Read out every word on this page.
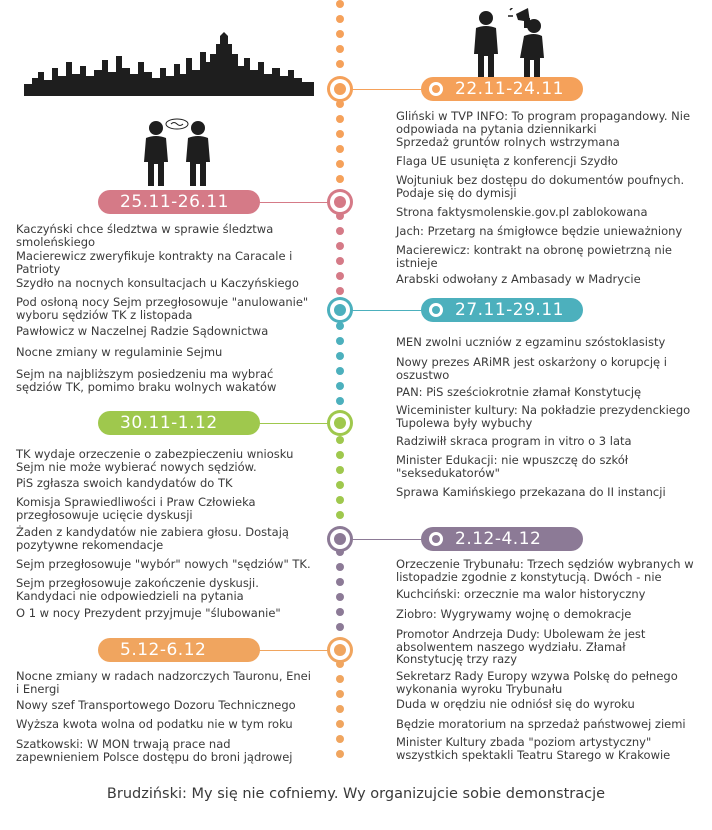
22.11-24.11
Gliński w TVP INFO: To program propagandowy. Nie odpowiada na pytania dziennikarki
Sprzedaż gruntów rolnych wstrzymana
Flaga UE usunięta z konferencji Szydło
Wojtuniuk bez dostępu do dokumentów poufnych. Podaje się do dymisji
Strona faktysmolenskie.gov.pl zablokowana
Jach: Przetarg na śmigłowce będzie unieważniony
Macierewicz: kontrakt na obronę powietrzną nie istnieje
Arabski odwołany z Ambasady w Madrycie
25.11-26.11
Kaczyński chce śledztwa w sprawie śledztwa smoleńskiego
Macierewicz zweryfikuje kontrakty na Caracale i Patrioty
Szydło na nocnych konsultacjach u Kaczyńskiego
Pod osłoną nocy Sejm przegłosowuje "anulowanie" wyboru sędziów TK z listopada
Pawłowicz w Naczelnej Radzie Sądownictwa
Nocne zmiany w regulaminie Sejmu
Sejm na najbliższym posiedzeniu ma wybrać sędziów TK, pomimo braku wolnych wakatów
27.11-29.11
MEN zwolni uczniów z egzaminu szóstoklasisty
Nowy prezes ARiMR jest oskarżony o korupcję i oszustwo
PAN: PiS sześciokrotnie złamał Konstytucję
Wiceminister kultury: Na pokładzie prezydenckiego Tupolewa były wybuchy
Radziwiłł skraca program in vitro o 3 lata
Minister Edukacji: nie wpuszczę do szkół "seksedukatorów"
Sprawa Kamińskiego przekazana do II instancji
30.11-1.12
TK wydaje orzeczenie o zabezpieczeniu wniosku Sejm nie może wybierać nowych sędziów.
PiS zgłasza swoich kandydatów do TK
Komisja Sprawiedliwości i Praw Człowieka przegłosowuje ucięcie dyskusji
Żaden z kandydatów nie zabiera głosu. Dostają pozytywne rekomendacje
Sejm przegłosowuje "wybór" nowych "sędziów" TK.
Sejm przegłosowuje zakończenie dyskusji. Kandydaci nie odpowiedzieli na pytania
O 1 w nocy Prezydent przyjmuje "ślubowanie"
2.12-4.12
Orzeczenie Trybunału: Trzech sędziów wybranych w listopadzie zgodnie z konstytucją. Dwóch - nie
Kuchciński: orzecznie ma walor historyczny
Ziobro: Wygrywamy wojnę o demokracje
Promotor Andrzeja Dudy: Ubolewam że jest absolwentem naszego wydziału. Złamał Konstytucję trzy razy
Sekretarz Rady Europy wzywa Polskę do pełnego wykonania wyroku Trybunału
Duda w orędziu nie odniósł się do wyroku
Będzie moratorium na sprzedaż państwowej ziemi
Minister Kultury zbada "poziom artystyczny" wszystkich spektakli Teatru Starego w Krakowie
5.12-6.12
Nocne zmiany w radach nadzorczych Tauronu, Enei i Energi
Nowy szef Transportowego Dozoru Technicznego
Wyższa kwota wolna od podatku nie w tym roku
Szatkowski: W MON trwają prace nad zapewnieniem Polsce dostępu do broni jądrowej
Brudziński: My się nie cofniemy. Wy organizujcie sobie demonstracje
